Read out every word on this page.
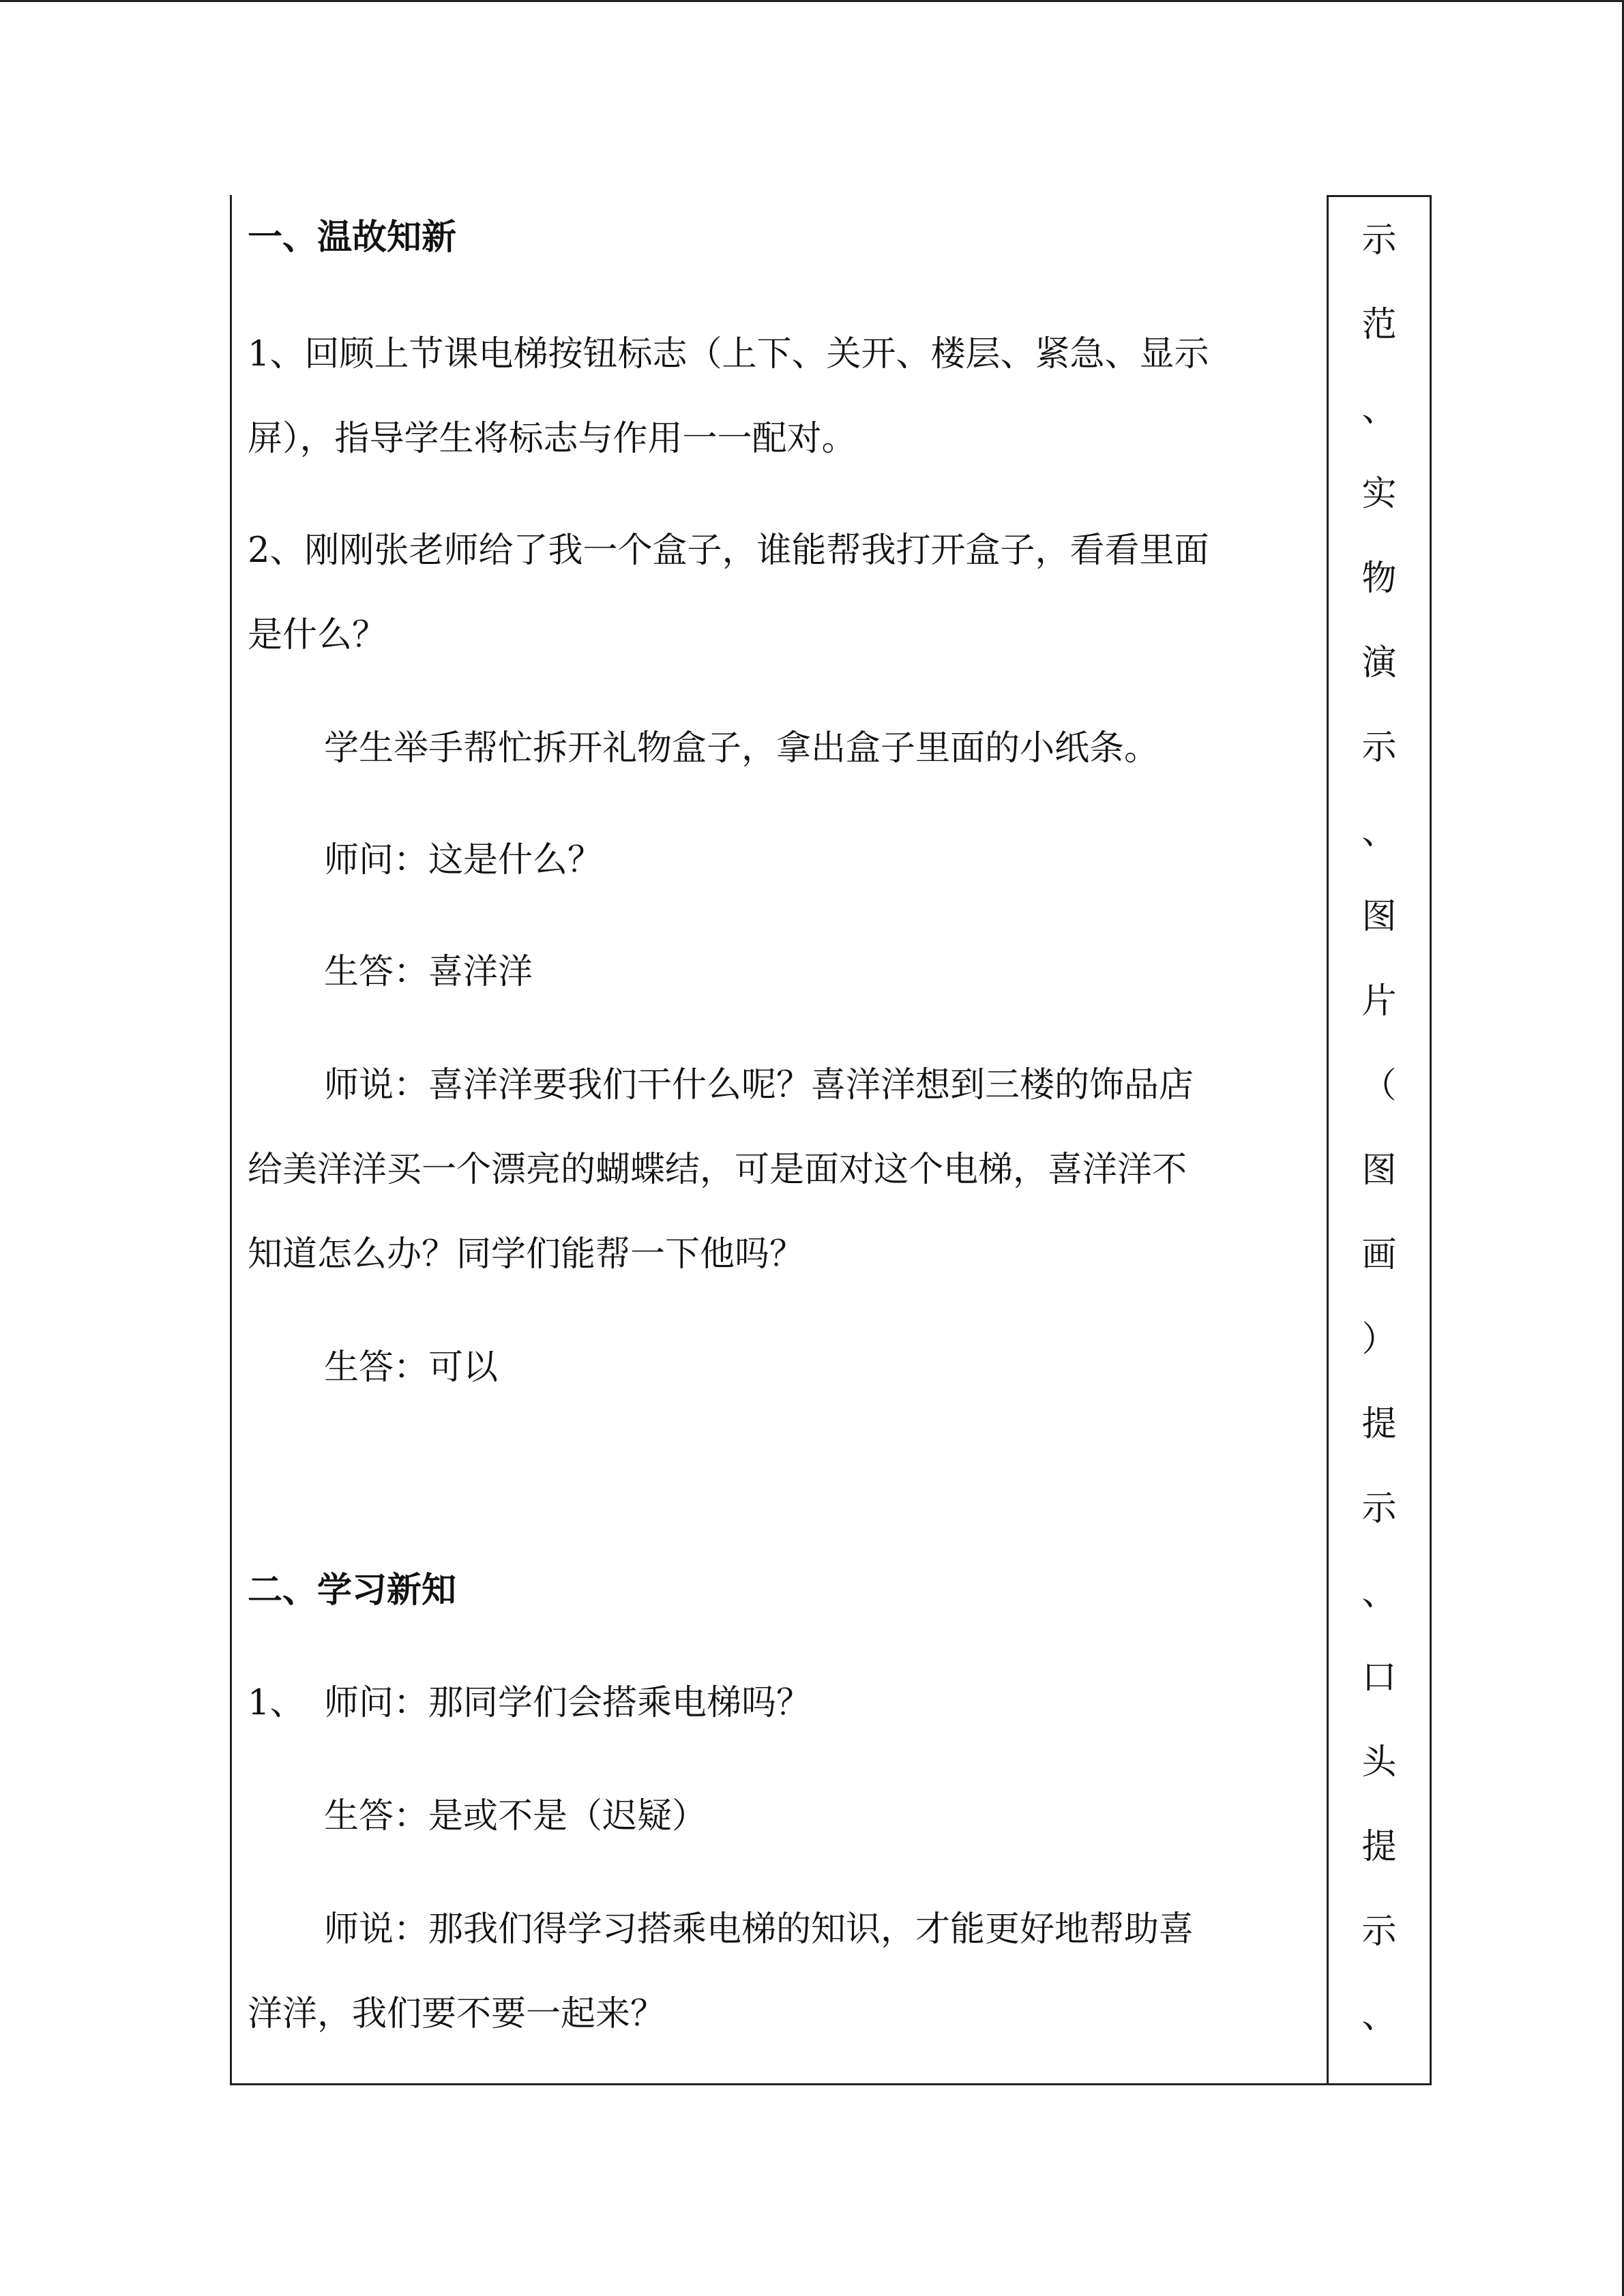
一、温故知新

1、回顾上节课电梯按钮标志（上下、关开、楼层、紧急、显示

屏），指导学生将标志与作用一一配对。

2、刚刚张老师给了我一个盒子，谁能帮我打开盒子，看看里面

是什么？

学生举手帮忙拆开礼物盒子，拿出盒子里面的小纸条。

师问：这是什么？

生答：喜洋洋

师说：喜洋洋要我们干什么呢？喜洋洋想到三楼的饰品店

给美洋洋买一个漂亮的蝴蝶结，可是面对这个电梯，喜洋洋不

知道怎么办？同学们能帮一下他吗？

生答：可以

二、学习新知

1、 师问：那同学们会搭乘电梯吗？

生答：是或不是（迟疑）

师说：那我们得学习搭乘电梯的知识，才能更好地帮助喜

洋洋，我们要不要一起来？

示
范
、
实
物
演
示
、
图
片
（
图
画
）
提
示
、
口
头
提
示
、
